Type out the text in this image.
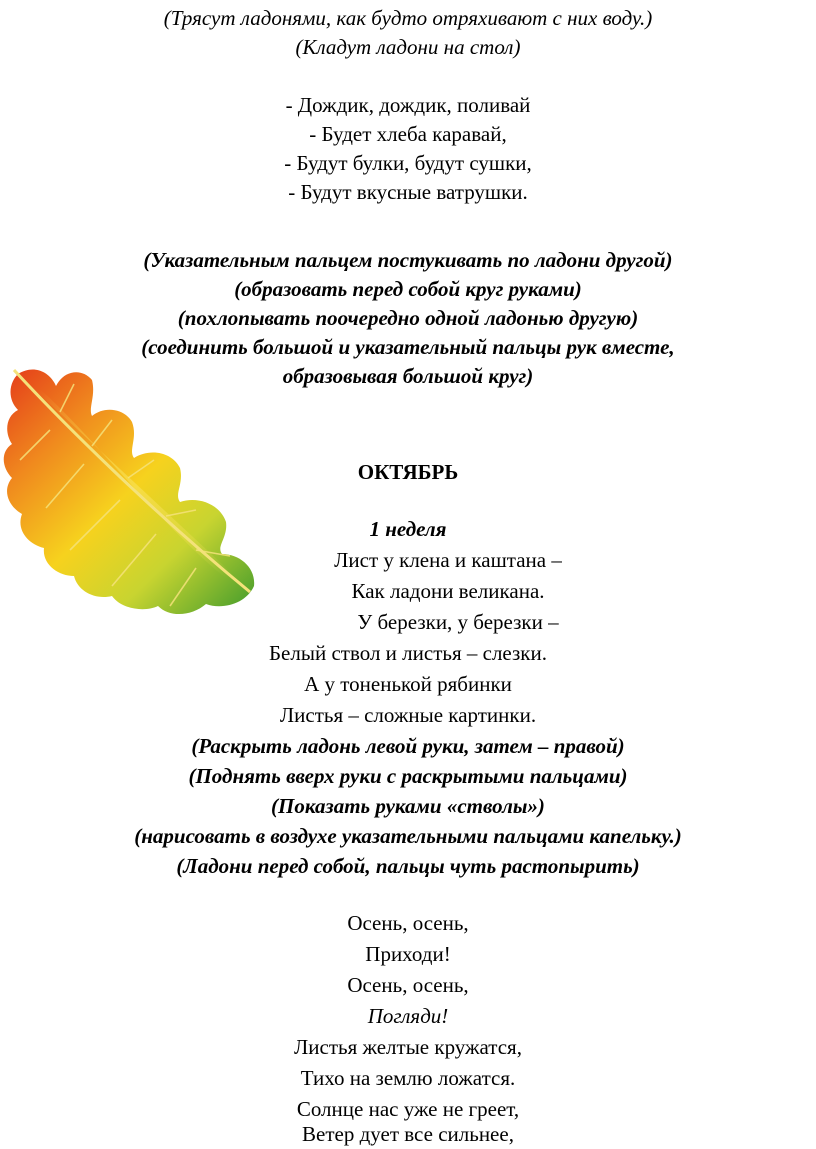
(Трясут ладонями, как будто отряхивают с них воду.)
(Кладут ладони на стол)
- Дождик, дождик, поливай
- Будет хлеба каравай,
- Будут булки, будут сушки,
- Будут вкусные ватрушки.
(Указательным пальцем постукивать по ладони другой)
(образовать перед собой круг руками)
(похлопывать поочередно одной ладонью другую)
(соединить большой и указательный пальцы рук вместе,
образовывая большой круг)
ОКТЯБРЬ
1 неделя
Лист у клена и каштана –
Как ладони великана.
У березки, у березки –
Белый ствол и листья – слезки.
А у тоненькой рябинки
Листья – сложные картинки.
(Раскрыть ладонь левой руки, затем – правой)
(Поднять вверх руки с раскрытыми пальцами)
(Показать руками «стволы»)
(нарисовать в воздухе указательными пальцами капельку.)
(Ладони перед собой, пальцы чуть растопырить)
Осень, осень,
Приходи!
Осень, осень,
Погляди!
Листья желтые кружатся,
Тихо на землю ложатся.
Солнце нас уже не греет,
Ветер дует все сильнее,
